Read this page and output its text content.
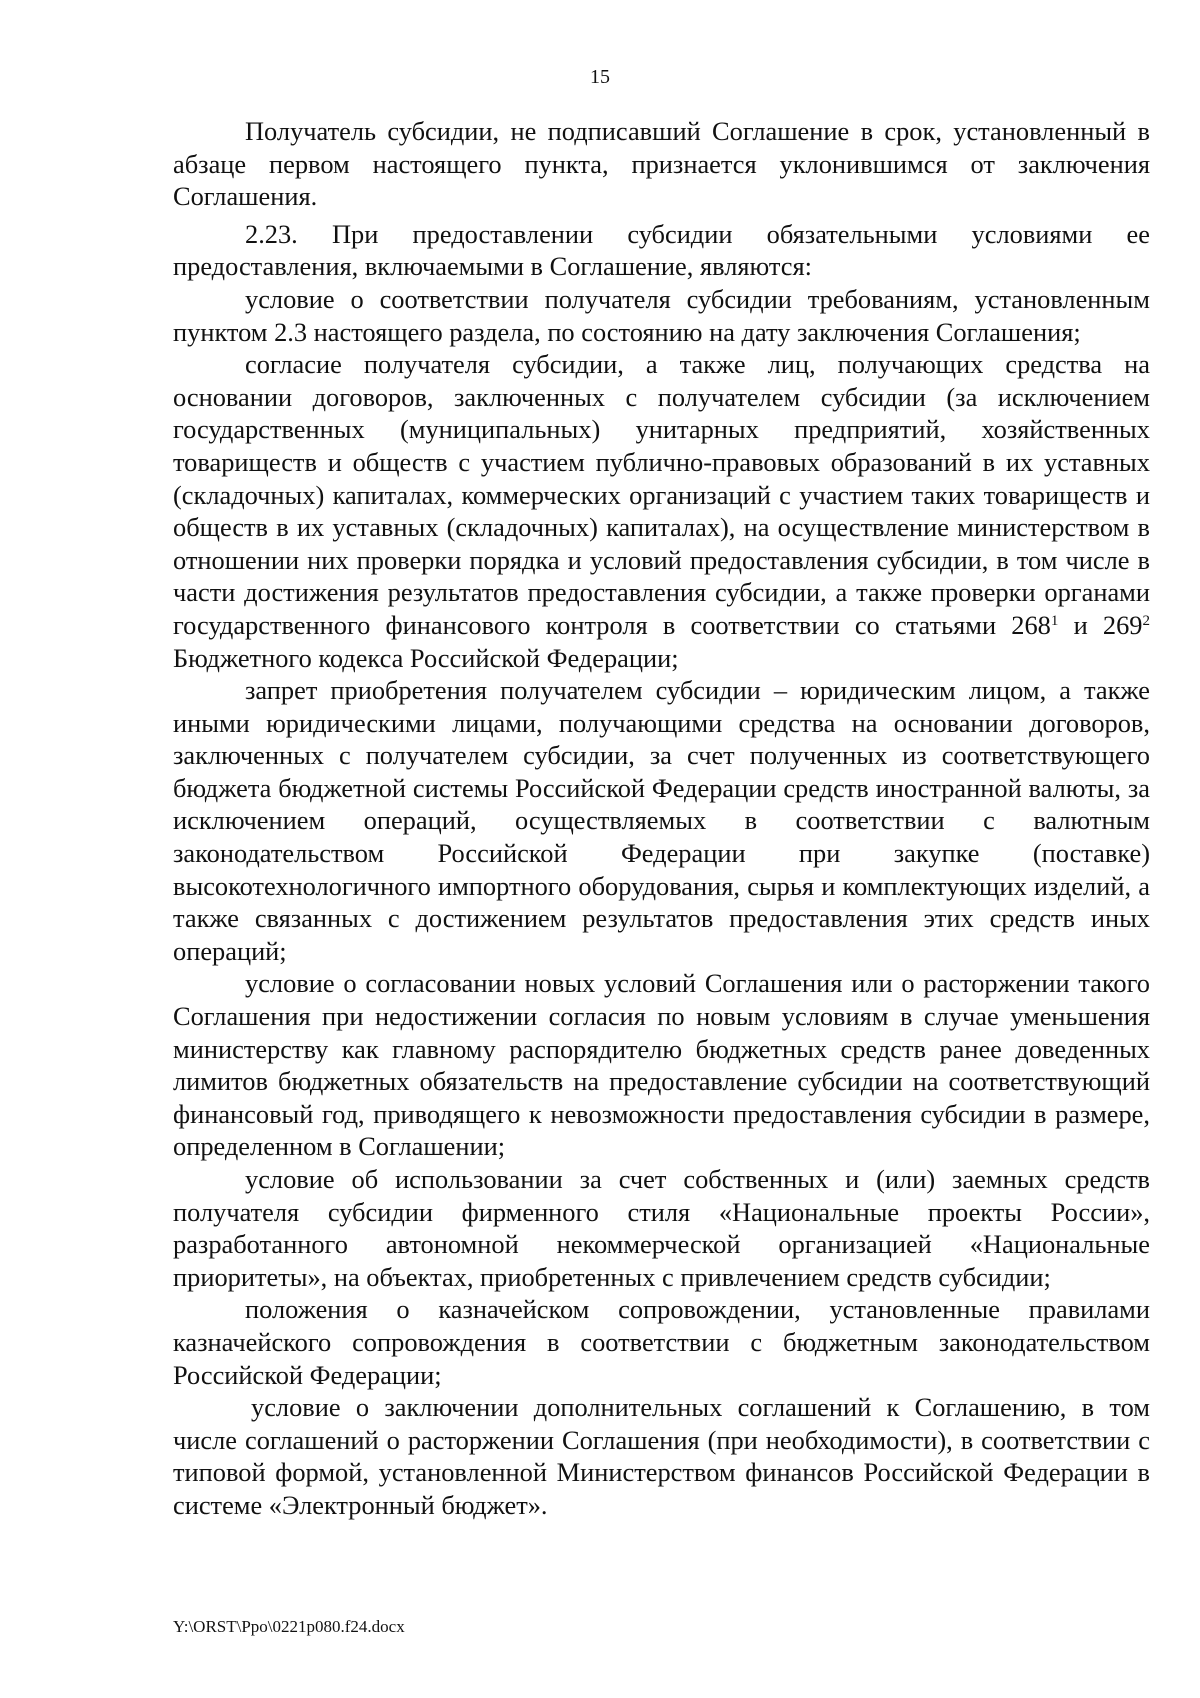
15

Получатель субсидии, не подписавший Соглашение в срок, установленный в абзаце первом настоящего пункта, признается уклонившимся от заключения Соглашения.

2.23. При предоставлении субсидии обязательными условиями ее предоставления, включаемыми в Соглашение, являются:

условие о соответствии получателя субсидии требованиям, установленным пунктом 2.3 настоящего раздела, по состоянию на дату заключения Соглашения;

согласие получателя субсидии, а также лиц, получающих средства на основании договоров, заключенных с получателем субсидии (за исключением государственных (муниципальных) унитарных предприятий, хозяйственных товариществ и обществ с участием публично-правовых образований в их уставных (складочных) капиталах, коммерческих организаций с участием таких товариществ и обществ в их уставных (складочных) капиталах), на осуществление министерством в отношении них проверки порядка и условий предоставления субсидии, в том числе в части достижения результатов предоставления субсидии, а также проверки органами государственного финансового контроля в соответствии со статьями $268^1$ и $269^2$ Бюджетного кодекса Российской Федерации;

запрет приобретения получателем субсидии – юридическим лицом, а также иными юридическими лицами, получающими средства на основании договоров, заключенных с получателем субсидии, за счет полученных из соответствующего бюджета бюджетной системы Российской Федерации средств иностранной валюты, за исключением операций, осуществляемых в соответствии с валютным законодательством Российской Федерации при закупке (поставке) высокотехнологичного импортного оборудования, сырья и комплектующих изделий, а также связанных с достижением результатов предоставления этих средств иных операций;

условие о согласовании новых условий Соглашения или о расторжении такого Соглашения при недостижении согласия по новым условиям в случае уменьшения министерству как главному распорядителю бюджетных средств ранее доведенных лимитов бюджетных обязательств на предоставление субсидии на соответствующий финансовый год, приводящего к невозможности предоставления субсидии в размере, определенном в Соглашении;

условие об использовании за счет собственных и (или) заемных средств получателя субсидии фирменного стиля «Национальные проекты России», разработанного автономной некоммерческой организацией «Национальные приоритеты», на объектах, приобретенных с привлечением средств субсидии;

положения о казначейском сопровождении, установленные правилами казначейского сопровождения в соответствии с бюджетным законодательством Российской Федерации;

условие о заключении дополнительных соглашений к Соглашению, в том числе соглашений о расторжении Соглашения (при необходимости), в соответствии с типовой формой, установленной Министерством финансов Российской Федерации в системе «Электронный бюджет».

Y:\ORST\Ppo\0221p080.f24.docx
